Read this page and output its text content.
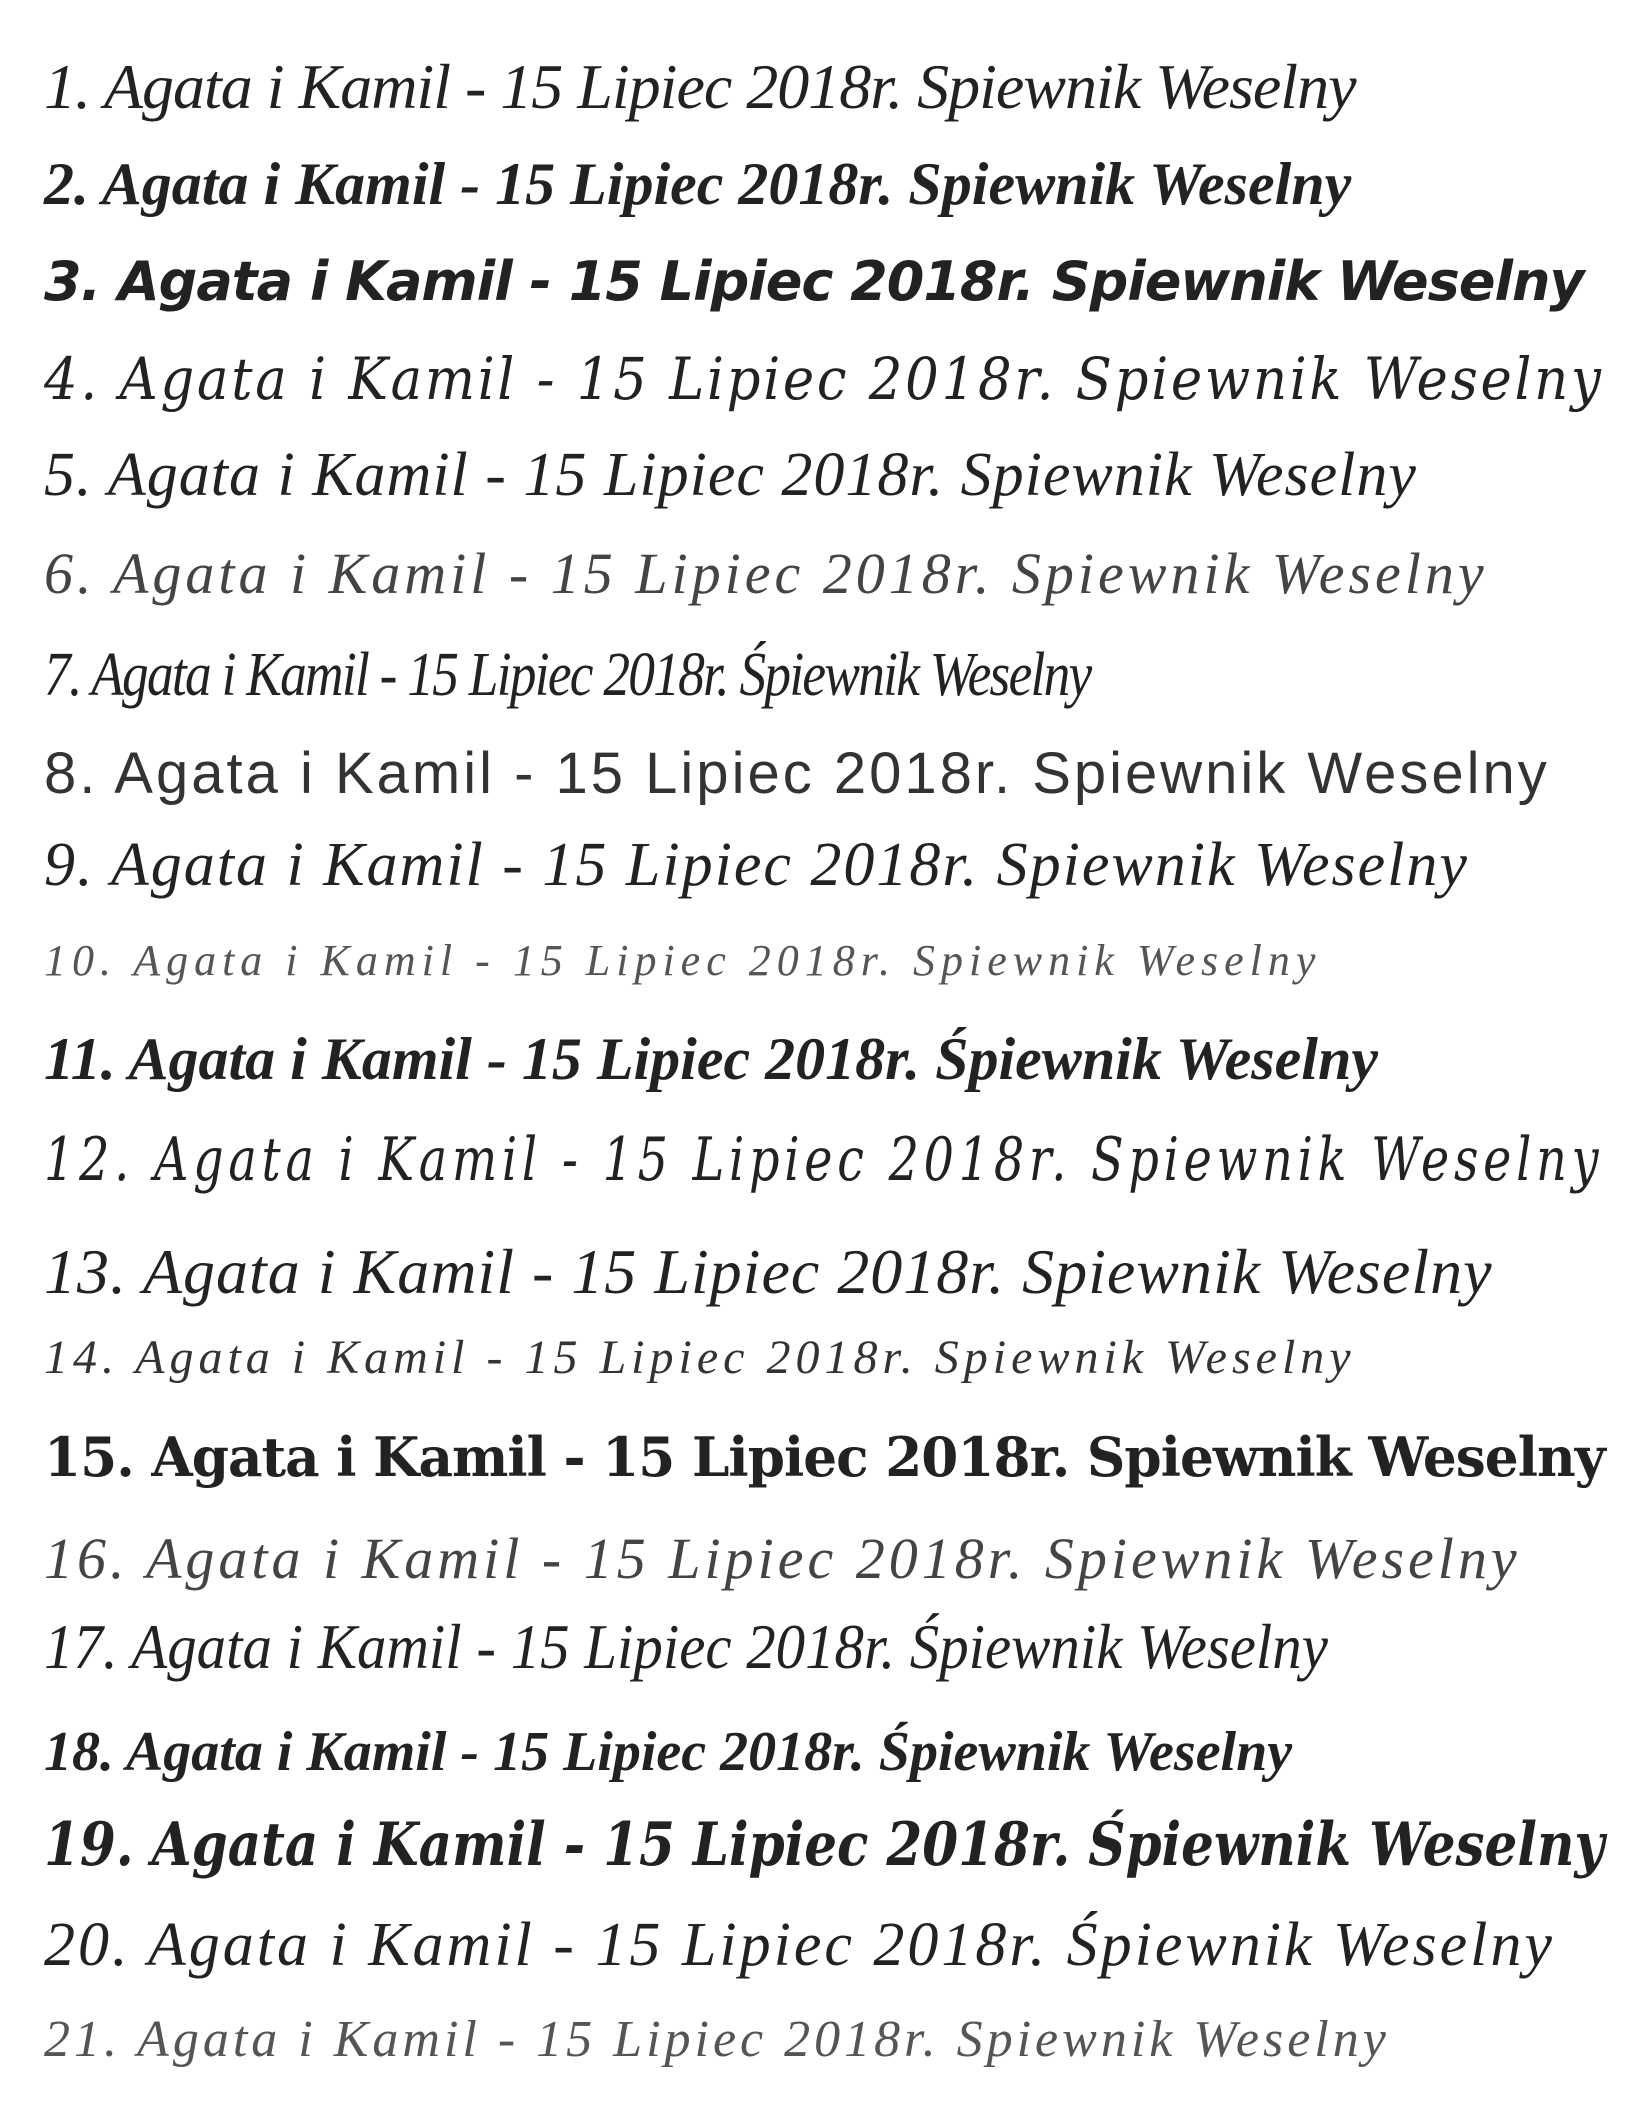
1. Agata i Kamil - 15 Lipiec 2018r. Spiewnik Weselny
2. Agata i Kamil - 15 Lipiec 2018r. Spiewnik Weselny
3. Agata i Kamil - 15 Lipiec 2018r. Spiewnik Weselny
4. Agata i Kamil - 15 Lipiec 2018r. Spiewnik Weselny
5. Agata i Kamil - 15 Lipiec 2018r. Spiewnik Weselny
6. Agata i Kamil - 15 Lipiec 2018r. Spiewnik Weselny
7. Agata i Kamil - 15 Lipiec 2018r. Śpiewnik Weselny
8. Agata i Kamil - 15 Lipiec 2018r. Spiewnik Weselny
9. Agata i Kamil - 15 Lipiec 2018r. Spiewnik Weselny
10. Agata i Kamil - 15 Lipiec 2018r. Spiewnik Weselny
11. Agata i Kamil - 15 Lipiec 2018r. Śpiewnik Weselny
12. Agata i Kamil - 15 Lipiec 2018r. Spiewnik Weselny
13. Agata i Kamil - 15 Lipiec 2018r. Spiewnik Weselny
14. Agata i Kamil - 15 Lipiec 2018r. Spiewnik Weselny
15. Agata i Kamil - 15 Lipiec 2018r. Spiewnik Weselny
16. Agata i Kamil - 15 Lipiec 2018r. Spiewnik Weselny
17. Agata i Kamil - 15 Lipiec 2018r. Śpiewnik Weselny
18. Agata i Kamil - 15 Lipiec 2018r. Śpiewnik Weselny
19. Agata i Kamil - 15 Lipiec 2018r. Śpiewnik Weselny
20. Agata i Kamil - 15 Lipiec 2018r. Śpiewnik Weselny
21. Agata i Kamil - 15 Lipiec 2018r. Spiewnik Weselny
